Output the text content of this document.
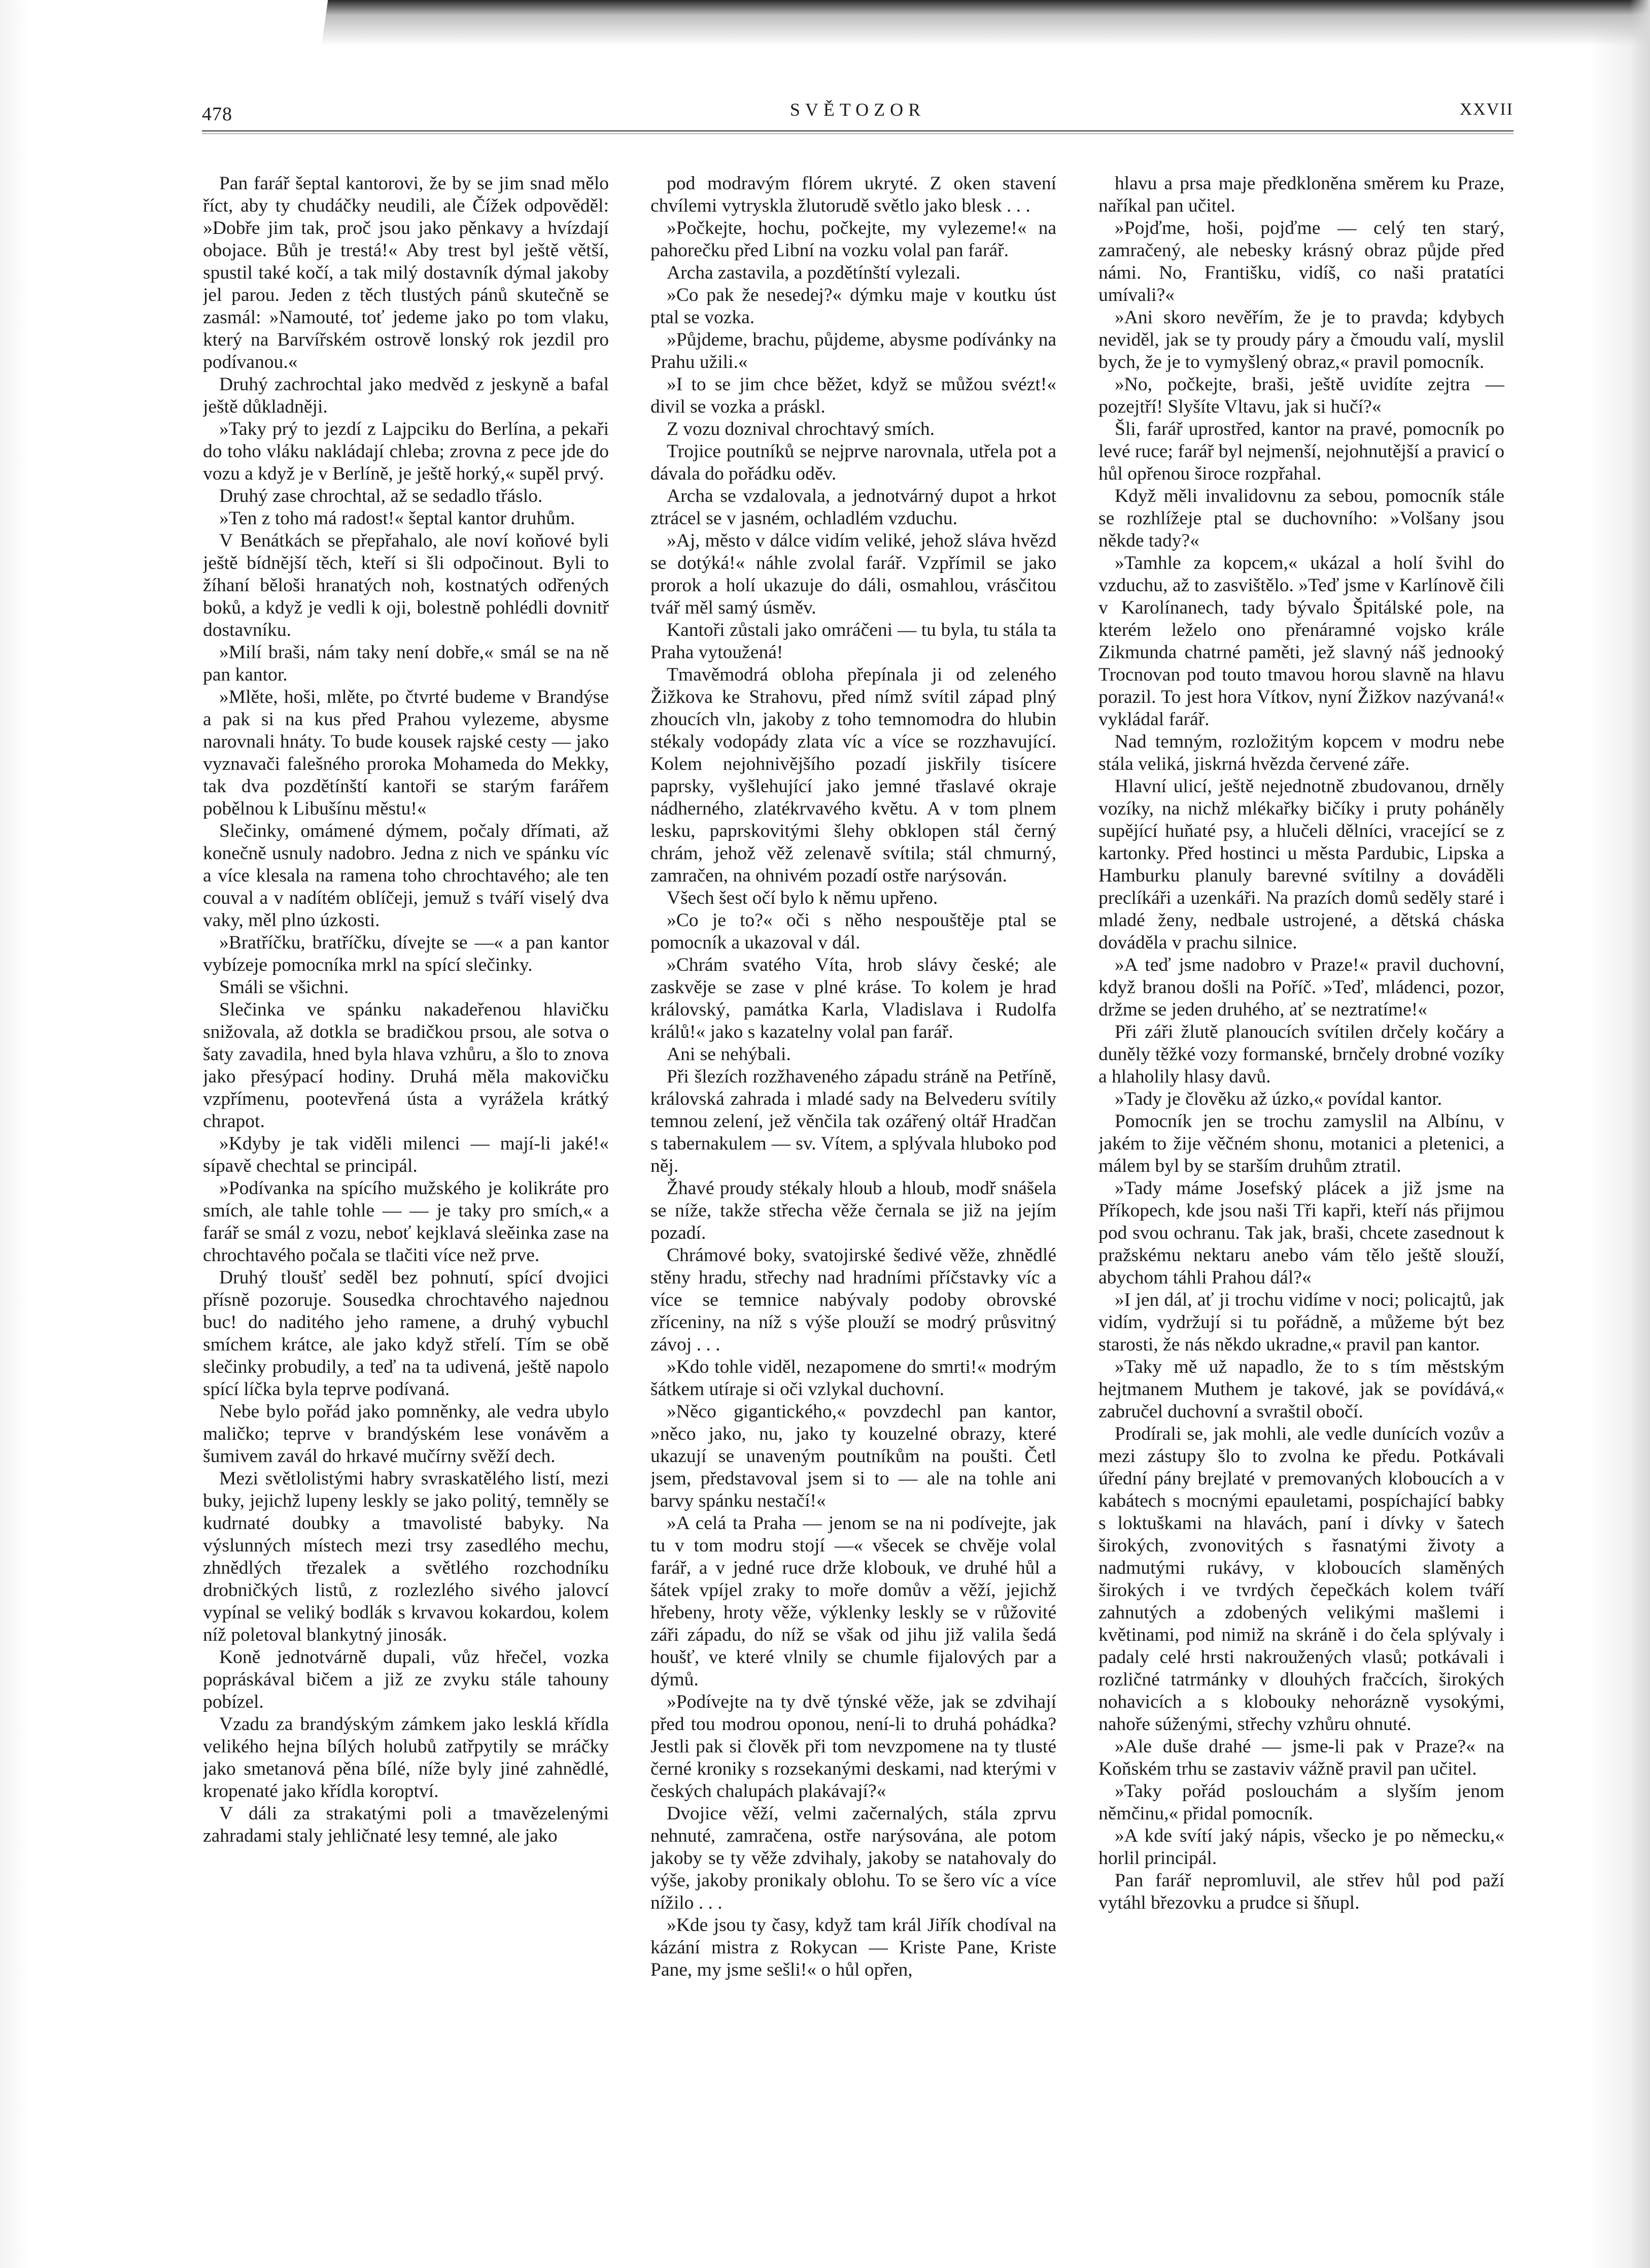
478	SVĚTOZOR	XXVII

Pan farář šeptal kantorovi, že by se jim snad mělo říct, aby ty chudáčky neudili, ale Čížek odpověděl: »Dobře jim tak, proč jsou jako pěnkavy a hvízdají obojace. Bůh je trestá!« Aby trest byl ještě větší, spustil také kočí, a tak milý dostavník dýmal jakoby jel parou. Jeden z těch tlustých pánů skutečně se zasmál: »Namouté, toť jedeme jako po tom vlaku, který na Barvířském ostrově lonský rok jezdil pro podívanou.«

Druhý zachrochtal jako medvěd z jeskyně a bafal ještě důkladněji.

»Taky prý to jezdí z Lajpciku do Berlína, a pekaři do toho vláku nakládají chleba; zrovna z pece jde do vozu a když je v Berlíně, je ještě horký,« supěl prvý.

Druhý zase chrochtal, až se sedadlo třáslo.

»Ten z toho má radost!« šeptal kantor druhům.

V Benátkách se přepřahalo, ale noví koňové byli ještě bídnější těch, kteří si šli odpočinout. Byli to žíhaní běloši hranatých noh, kostnatých odřených boků, a když je vedli k oji, bolestně pohlédli dovnitř dostavníku.

»Milí braši, nám taky není dobře,« smál se na ně pan kantor.

»Mlěte, hoši, mlěte, po čtvrté budeme v Brandýse a pak si na kus před Prahou vylezeme, abysme narovnali hnáty. To bude kousek rajské cesty — jako vyznavači falešného proroka Mohameda do Mekky, tak dva pozdětínští kantoři se starým farářem pobělnou k Libušínu městu!«

Slečinky, omámené dýmem, počaly dřímati, až konečně usnuly nadobro. Jedna z nich ve spánku víc a více klesala na ramena toho chrochtavého; ale ten couval a v nadítém oblíčeji, jemuž s tváří viselý dva vaky, měl plno úzkosti.

»Bratříčku, bratříčku, dívejte se —« a pan kantor vybízeje pomocníka mrkl na spící slečinky.

Smáli se všichni.

Slečinka ve spánku nakadeřenou hlavičku snižovala, až dotkla se bradičkou prsou, ale sotva o šaty zavadila, hned byla hlava vzhůru, a šlo to znova jako přesýpací hodiny. Druhá měla makovičku vzpřímenu, pootevřená ústa a vyrážela krátký chrapot.

»Kdyby je tak viděli milenci — mají-li jaké!« sípavě chechtal se principál.

»Podívanka na spícího mužského je kolikráte pro smích, ale tahle tohle — — je taky pro smích,« a farář se smál z vozu, neboť kejklavá sleěinka zase na chrochtavého počala se tlačiti více než prve.

Druhý tloušť seděl bez pohnutí, spící dvojici přísně pozoruje. Sousedka chrochtavého najednou buc! do naditého jeho ramene, a druhý vybuchl smíchem krátce, ale jako když střelí. Tím se obě slečinky probudily, a teď na ta udivená, ještě napolo spící líčka byla teprve podívaná.

Nebe bylo pořád jako pomněnky, ale vedra ubylo maličko; teprve v brandýském lese vonávěm a šumivem zavál do hrkavé mučírny svěží dech.

Mezi světlolistými habry svraskatělého listí, mezi buky, jejichž lupeny leskly se jako politý, temněly se kudrnaté doubky a tmavolisté babyky. Na výslunných místech mezi trsy zasedlého mechu, zhnědlých třezalek a světlého rozchodníku drobničkých listů, z rozlezlého sivého jalovcí vypínal se veliký bodlák s krvavou kokardou, kolem níž poletoval blankytný jinosák.

Koně jednotvárně dupali, vůz hřečel, vozka popráskával bičem a již ze zvyku stále tahouny pobízel.

Vzadu za brandýským zámkem jako lesklá křídla velikého hejna bílých holubů zatřpytily se mráčky jako smetanová pěna bílé, níže byly jiné zahnědlé, kropenaté jako křídla koroptví.

V dáli za strakatými poli a tmavězelenými zahradami staly jehličnaté lesy temné, ale jako

pod modravým flórem ukryté. Z oken stavení chvílemi vytryskla žlutorudě světlo jako blesk . . .

»Počkejte, hochu, počkejte, my vylezeme!« na pahorečku před Libní na vozku volal pan farář.

Archa zastavila, a pozdětínští vylezali.

»Co pak že nesedej?« dýmku maje v koutku úst ptal se vozka.

»Půjdeme, brachu, půjdeme, abysme podívánky na Prahu užili.«

»I to se jim chce běžet, když se můžou svézt!« divil se vozka a práskl.

Z vozu doznival chrochtavý smích.

Trojice poutníků se nejprve narovnala, utřela pot a dávala do pořádku oděv.

Archa se vzdalovala, a jednotvárný dupot a hrkot ztrácel se v jasném, ochladlém vzduchu.

»Aj, město v dálce vidím veliké, jehož sláva hvězd se dotýká!« náhle zvolal farář. Vzpřímil se jako prorok a holí ukazuje do dáli, osmahlou, vrásčitou tvář měl samý úsměv.

Kantoři zůstali jako omráčeni — tu byla, tu stála ta Praha vytoužená!

Tmavěmodrá obloha přepínala ji od zeleného Žižkova ke Strahovu, před nímž svítil západ plný zhoucích vln, jakoby z toho temnomodra do hlubin stékaly vodopády zlata víc a více se rozzhavující. Kolem nejohnivějšího pozadí jiskřily tisícere paprsky, vyšlehující jako jemné třaslavé okraje nádherného, zlatékrvavého květu. A v tom plnem lesku, paprskovitými šlehy obklopen stál černý chrám, jehož věž zelenavě svítila; stál chmurný, zamračen, na ohnivém pozadí ostře narýsován.

Všech šest očí bylo k němu upřeno.

»Co je to?« oči s něho nespouštěje ptal se pomocník a ukazoval v dál.

»Chrám svatého Víta, hrob slávy české; ale zaskvěje se zase v plné kráse. To kolem je hrad královský, památka Karla, Vladislava i Rudolfa králů!« jako s kazatelny volal pan farář.

Ani se nehýbali.

Při šlezích rozžhaveného západu stráně na Petříně, královská zahrada i mladé sady na Belvederu svítily temnou zelení, jež věnčila tak ozářený oltář Hradčan s tabernakulem — sv. Vítem, a splývala hluboko pod něj.

Žhavé proudy stékaly hloub a hloub, modř snášela se níže, takže střecha věže černala se již na jejím pozadí.

Chrámové boky, svatojirské šedivé věže, zhnědlé stěny hradu, střechy nad hradními příčstavky víc a více se temnice nabývaly podoby obrovské zříceniny, na níž s výše plouží se modrý průsvitný závoj . . .

»Kdo tohle viděl, nezapomene do smrti!« modrým šátkem utíraje si oči vzlykal duchovní.

»Něco gigantického,« povzdechl pan kantor, »něco jako, nu, jako ty kouzelné obrazy, které ukazují se unaveným poutníkům na poušti. Četl jsem, představoval jsem si to — ale na tohle ani barvy spánku nestačí!«

»A celá ta Praha — jenom se na ni podívejte, jak tu v tom modru stojí —« všecek se chvěje volal farář, a v jedné ruce drže klobouk, ve druhé hůl a šátek vpíjel zraky to moře domův a věží, jejichž hřebeny, hroty věže, výklenky leskly se v růžovité záři západu, do níž se však od jihu již valila šedá houšť, ve které vlnily se chumle fijalových par a dýmů.

»Podívejte na ty dvě týnské věže, jak se zdvihají před tou modrou oponou, není-li to druhá pohádka? Jestli pak si člověk při tom nevzpomene na ty tlusté černé kroniky s rozsekanými deskami, nad kterými v českých chalupách plakávají?«

Dvojice věží, velmi začernalých, stála zprvu nehnuté, zamračena, ostře narýsována, ale potom jakoby se ty věže zdvihaly, jakoby se natahovaly do výše, jakoby pronikaly oblohu. To se šero víc a více nížilo . . .

»Kde jsou ty časy, když tam král Jiřík chodíval na kázání mistra z Rokycan — Kriste Pane, Kriste Pane, my jsme sešli!« o hůl opřen,

hlavu a prsa maje předkloněna směrem ku Praze, naříkal pan učitel.

»Pojďme, hoši, pojďme — celý ten starý, zamračený, ale nebesky krásný obraz půjde před námi. No, Františku, vidíš, co naši pratatíci umívali?«

»Ani skoro nevěřím, že je to pravda; kdybych neviděl, jak se ty proudy páry a čmoudu valí, myslil bych, že je to vymyšlený obraz,« pravil pomocník.

»No, počkejte, braši, ještě uvidíte zejtra — pozejtří! Slyšíte Vltavu, jak si hučí?«

Šli, farář uprostřed, kantor na pravé, pomocník po levé ruce; farář byl nejmenší, nejohnutější a pravicí o hůl opřenou široce rozpřahal.

Když měli invalidovnu za sebou, pomocník stále se rozhlížeje ptal se duchovního: »Volšany jsou někde tady?«

»Tamhle za kopcem,« ukázal a holí švihl do vzduchu, až to zasvištělo. »Teď jsme v Karlínově čili v Karolínanech, tady bývalo Špitálské pole, na kterém leželo ono přenáramné vojsko krále Zikmunda chatrné paměti, jež slavný náš jednooký Trocnovan pod touto tmavou horou slavně na hlavu porazil. To jest hora Vítkov, nyní Žižkov nazývaná!« vykládal farář.

Nad temným, rozložitým kopcem v modru nebe stála veliká, jiskrná hvězda červené záře.

Hlavní ulicí, ještě nejednotně zbudovanou, drněly vozíky, na nichž mlékařky bičíky i pruty poháněly supějící huňaté psy, a hlučeli dělníci, vracející se z kartonky. Před hostinci u města Pardubic, Lipska a Hamburku planuly barevné svítilny a dováděli preclíkáři a uzenkáři. Na prazích domů seděly staré i mladé ženy, nedbale ustrojené, a dětská cháska dováděla v prachu silnice.

»A teď jsme nadobro v Praze!« pravil duchovní, když branou došli na Poříč. »Teď, mládenci, pozor, držme se jeden druhého, ať se neztratíme!«

Při záři žlutě planoucích svítilen drčely kočáry a duněly těžké vozy formanské, brnčely drobné vozíky a hlaholily hlasy davů.

»Tady je člověku až úzko,« povídal kantor.

Pomocník jen se trochu zamyslil na Albínu, v jakém to žije věčném shonu, motanici a pletenici, a málem byl by se starším druhům ztratil.

»Tady máme Josefský plácek a již jsme na Příkopech, kde jsou naši Tři kapři, kteří nás přijmou pod svou ochranu. Tak jak, braši, chcete zasednout k pražskému nektaru anebo vám tělo ještě slouží, abychom táhli Prahou dál?«

»I jen dál, ať ji trochu vidíme v noci; policajtů, jak vidím, vydržují si tu pořádně, a můžeme být bez starosti, že nás někdo ukradne,« pravil pan kantor.

»Taky mě už napadlo, že to s tím městským hejtmanem Muthem je takové, jak se povídává,« zabručel duchovní a svraštil obočí.

Prodírali se, jak mohli, ale vedle dunících vozův a mezi zástupy šlo to zvolna ke předu. Potkávali úřední pány brejlaté v premovaných kloboucích a v kabátech s mocnými epauletami, pospíchající babky s loktuškami na hlavách, paní i dívky v šatech širokých, zvonovitých s řasnatými životy a nadmutými rukávy, v kloboucích slaměných širokých i ve tvrdých čepečkách kolem tváří zahnutých a zdobených velikými mašlemi i květinami, pod nimiž na skráně i do čela splývaly i padaly celé hrsti nakroužených vlasů; potkávali i rozličné tatrmánky v dlouhých fračcích, širokých nohavicích a s kloboukу nehorázně vysokými, nahoře súženými, střechy vzhůru ohnuté.

»Ale duše drahé — jsme-li pak v Praze?« na Koňském trhu se zastaviv vážně pravil pan učitel.

»Taky pořád poslouchám a slyším jenom němčinu,« přidal pomocník.

»A kde svítí jaký nápis, všecko je po německu,« horlil principál.

Pan farář nepromluvil, ale střev hůl pod paží vytáhl březovku a prudce si šňupl.
